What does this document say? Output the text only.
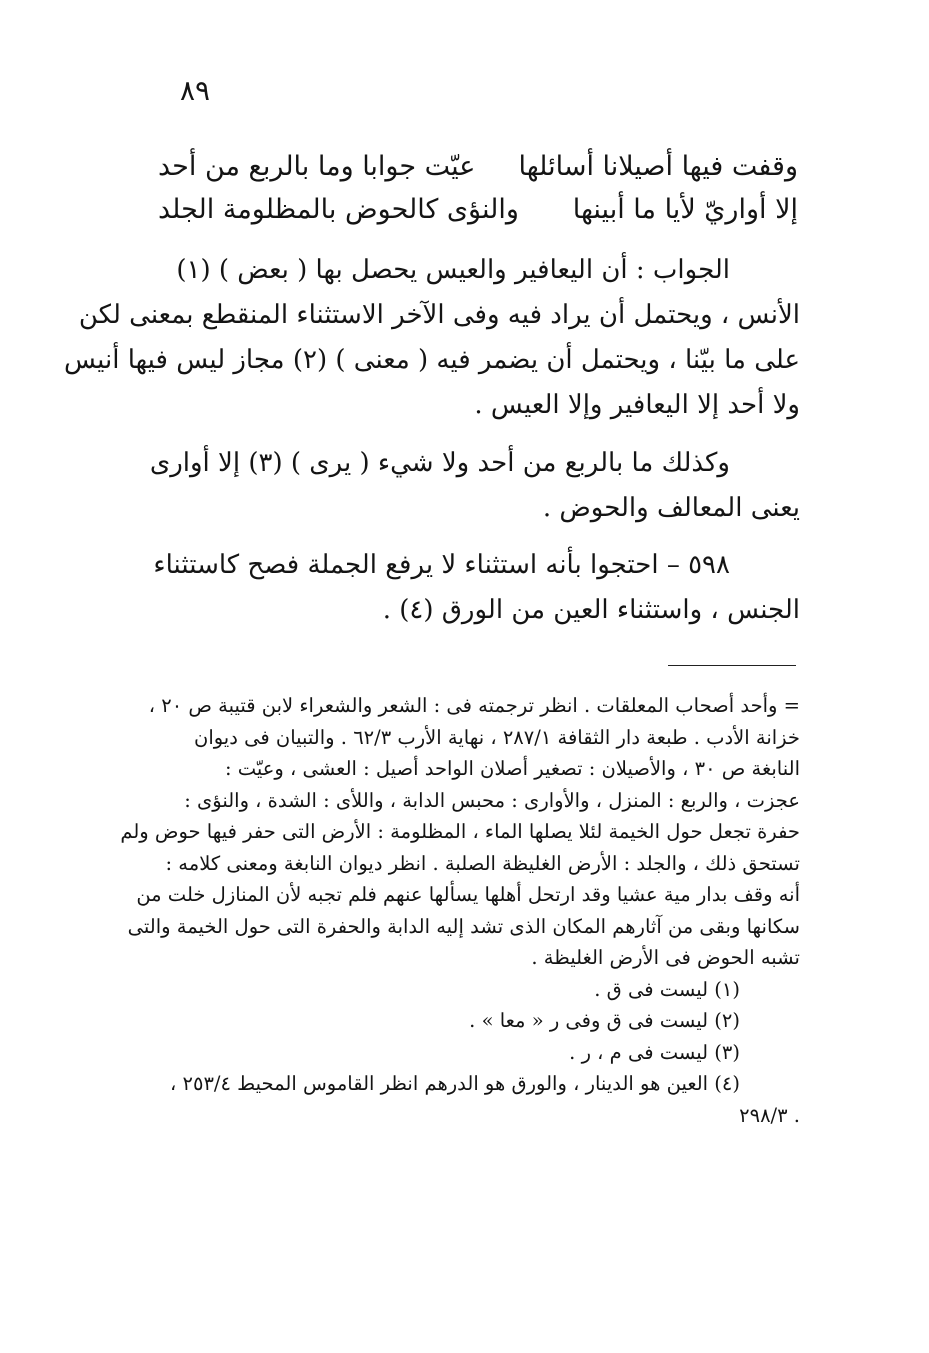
٨٩
وقفت فيها أصيلانا أسائلها
عيّت جوابا وما بالربع من أحد
إلا أواريّ لأيا ما أبينها
والنؤى كالحوض بالمظلومة الجلد
الجواب : أن اليعافير والعيس يحصل بها ( بعض ) (١)
الأنس ، ويحتمل أن يراد فيه وفى الآخر الاستثناء المنقطع بمعنى لكن
على ما بيّنا ، ويحتمل أن يضمر فيه ( معنى ) (٢) مجاز ليس فيها أنيس
ولا أحد إلا اليعافير وإلا العيس .
وكذلك ما بالربع من أحد ولا شيء ( يرى ) (٣) إلا أوارى
يعنى المعالف والحوض .
٥٩٨ – احتجوا بأنه استثناء لا يرفع الجملة فصح كاستثناء
الجنس ، واستثناء العين من الورق (٤) .
= وأحد أصحاب المعلقات . انظر ترجمته فى : الشعر والشعراء لابن قتيبة ص ٢٠ ،
خزانة الأدب . طبعة دار الثقافة ٢٨٧/١ ، نهاية الأرب ٦٢/٣ . والتبيان فى ديوان
النابغة ص ٣٠ ، والأصيلان : تصغير أصلان الواحد أصيل : العشى ، وعيّت :
عجزت ، والربع : المنزل ، والأوارى : محبس الدابة ، واللأى : الشدة ، والنؤى :
حفرة تجعل حول الخيمة لئلا يصلها الماء ، المظلومة : الأرض التى حفر فيها حوض ولم
تستحق ذلك ، والجلد : الأرض الغليظة الصلبة . انظر ديوان النابغة ومعنى كلامه :
أنه وقف بدار مية عشيا وقد ارتحل أهلها يسألها عنهم فلم تجبه لأن المنازل خلت من
سكانها وبقى من آثارهم المكان الذى تشد إليه الدابة والحفرة التى حول الخيمة والتى
تشبه الحوض فى الأرض الغليظة .
(١) ليست فى ق .
(٢) ليست فى ق وفى ر « معا » .
(٣) ليست فى م ، ر .
(٤) العين هو الدينار ، والورق هو الدرهم انظر القاموس المحيط ٢٥٣/٤ ،
. ٢٩٨/٣
